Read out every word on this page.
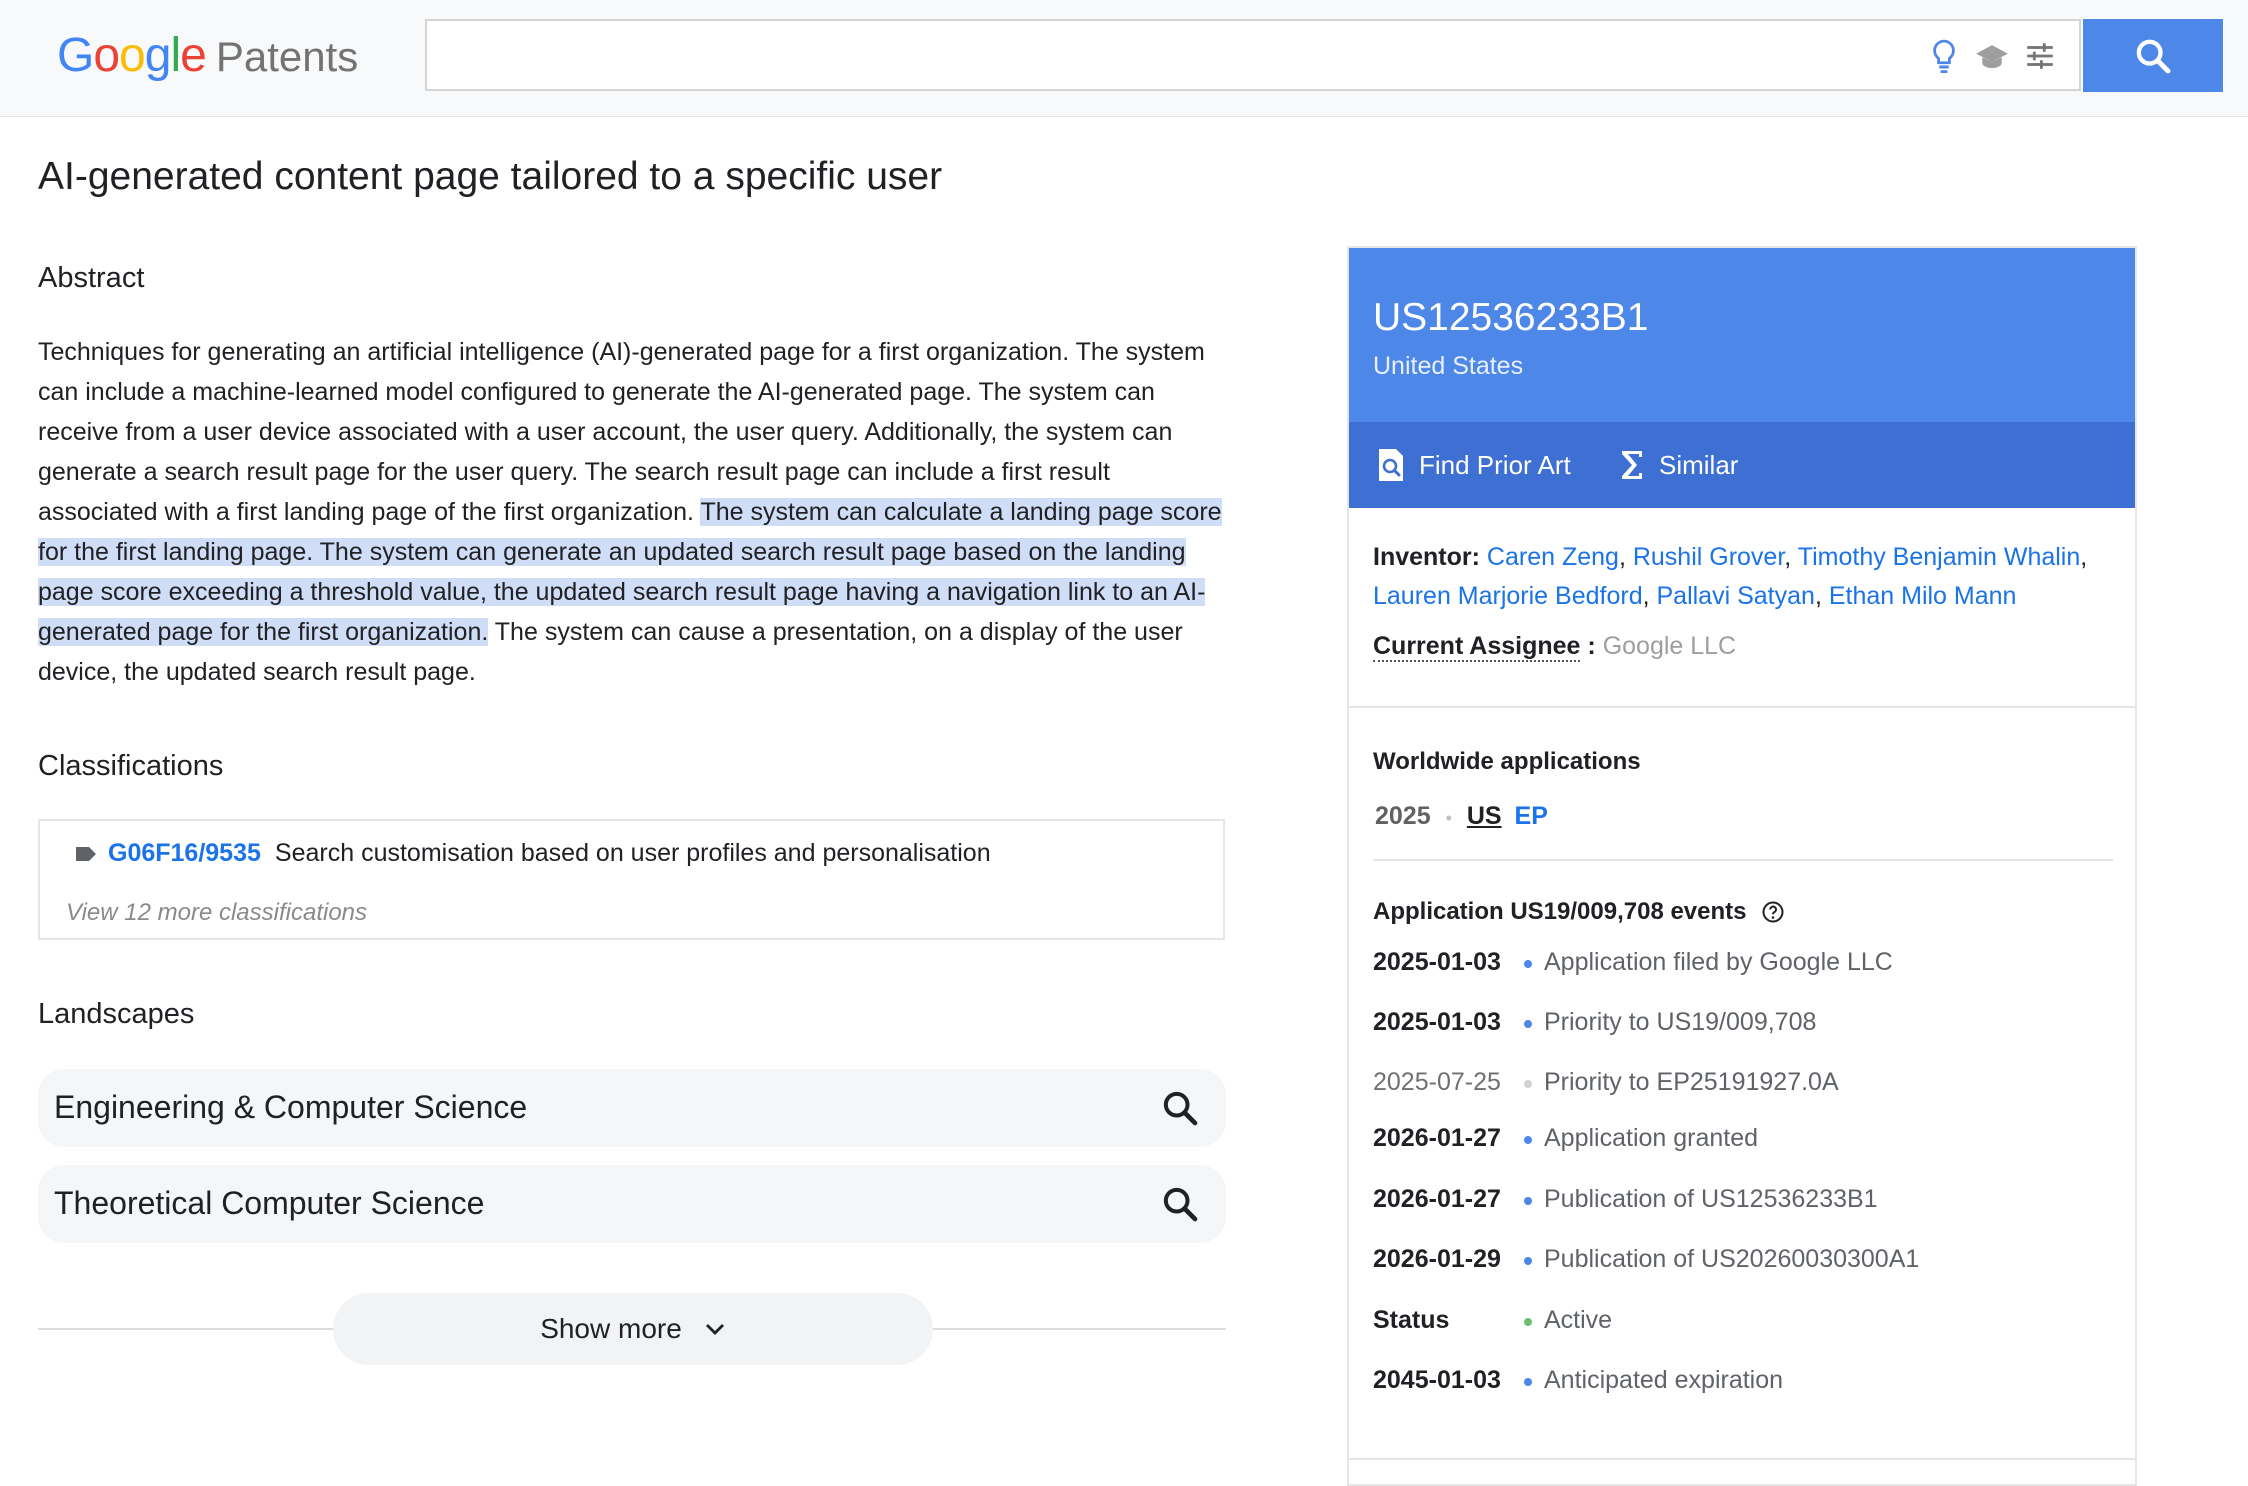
Google Patents
AI-generated content page tailored to a specific user
Abstract

Techniques for generating an artificial intelligence (AI)-generated page for a first organization. The system can include a machine-learned model configured to generate the AI-generated page. The system can receive from a user device associated with a user account, the user query. Additionally, the system can generate a search result page for the user query. The search result page can include a first result associated with a first landing page of the first organization. The system can calculate a landing page score for the first landing page. The system can generate an updated search result page based on the landing page score exceeding a threshold value, the updated search result page having a navigation link to an AI-generated page for the first organization. The system can cause a presentation, on a display of the user device, the updated search result page.

Classifications
G06F16/9535 Search customisation based on user profiles and personalisation
View 12 more classifications
Landscapes
Engineering & Computer Science
Theoretical Computer Science
Show more
US12536233B1
United States
Find Prior Art	Similar
Inventor: Caren Zeng, Rushil Grover, Timothy Benjamin Whalin, Lauren Marjorie Bedford, Pallavi Satyan, Ethan Milo Mann
Current Assignee : Google LLC
Worldwide applications
2025 • US EP
Application US19/009,708 events
2025-01-03 Application filed by Google LLC
2025-01-03 Priority to US19/009,708
2025-07-25 Priority to EP25191927.0A
2026-01-27 Application granted
2026-01-27 Publication of US12536233B1
2026-01-29 Publication of US20260030300A1
Status	Active
2045-01-03 Anticipated expiration
